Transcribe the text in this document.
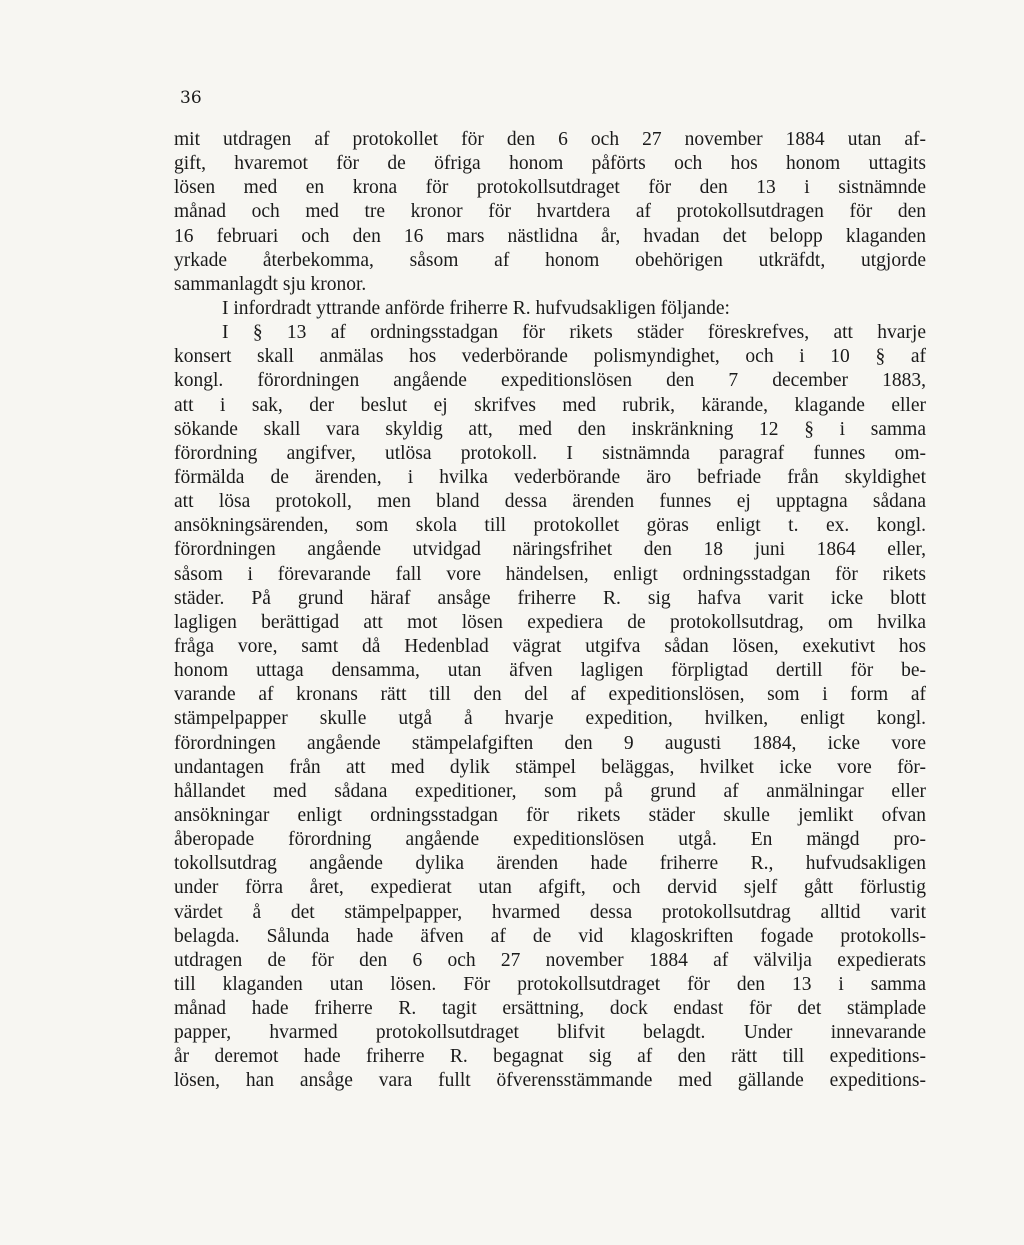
36
mit utdragen af protokollet för den 6 och 27 november 1884 utan af-
gift, hvaremot för de öfriga honom påförts och hos honom uttagits
lösen med en krona för protokollsutdraget för den 13 i sistnämnde
månad och med tre kronor för hvartdera af protokollsutdragen för den
16 februari och den 16 mars nästlidna år, hvadan det belopp klaganden
yrkade återbekomma, såsom af honom obehörigen utkräfdt, utgjorde
sammanlagdt sju kronor.
I infordradt yttrande anförde friherre R. hufvudsakligen följande:
I § 13 af ordningsstadgan för rikets städer föreskrefves, att hvarje
konsert skall anmälas hos vederbörande polismyndighet, och i 10 § af
kongl. förordningen angående expeditionslösen den 7 december 1883,
att i sak, der beslut ej skrifves med rubrik, kärande, klagande eller
sökande skall vara skyldig att, med den inskränkning 12 § i samma
förordning angifver, utlösa protokoll. I sistnämnda paragraf funnes om-
förmälda de ärenden, i hvilka vederbörande äro befriade från skyldighet
att lösa protokoll, men bland dessa ärenden funnes ej upptagna sådana
ansökningsärenden, som skola till protokollet göras enligt t. ex. kongl.
förordningen angående utvidgad näringsfrihet den 18 juni 1864 eller,
såsom i förevarande fall vore händelsen, enligt ordningsstadgan för rikets
städer. På grund häraf ansåge friherre R. sig hafva varit icke blott
lagligen berättigad att mot lösen expediera de protokollsutdrag, om hvilka
fråga vore, samt då Hedenblad vägrat utgifva sådan lösen, exekutivt hos
honom uttaga densamma, utan äfven lagligen förpligtad dertill för be-
varande af kronans rätt till den del af expeditionslösen, som i form af
stämpelpapper skulle utgå å hvarje expedition, hvilken, enligt kongl.
förordningen angående stämpelafgiften den 9 augusti 1884, icke vore
undantagen från att med dylik stämpel beläggas, hvilket icke vore för-
hållandet med sådana expeditioner, som på grund af anmälningar eller
ansökningar enligt ordningsstadgan för rikets städer skulle jemlikt ofvan
åberopade förordning angående expeditionslösen utgå. En mängd pro-
tokollsutdrag angående dylika ärenden hade friherre R., hufvudsakligen
under förra året, expedierat utan afgift, och dervid sjelf gått förlustig
värdet å det stämpelpapper, hvarmed dessa protokollsutdrag alltid varit
belagda. Sålunda hade äfven af de vid klagoskriften fogade protokolls-
utdragen de för den 6 och 27 november 1884 af välvilja expedierats
till klaganden utan lösen. För protokollsutdraget för den 13 i samma
månad hade friherre R. tagit ersättning, dock endast för det stämplade
papper, hvarmed protokollsutdraget blifvit belagdt. Under innevarande
år deremot hade friherre R. begagnat sig af den rätt till expeditions-
lösen, han ansåge vara fullt öfverensstämmande med gällande expeditions-
